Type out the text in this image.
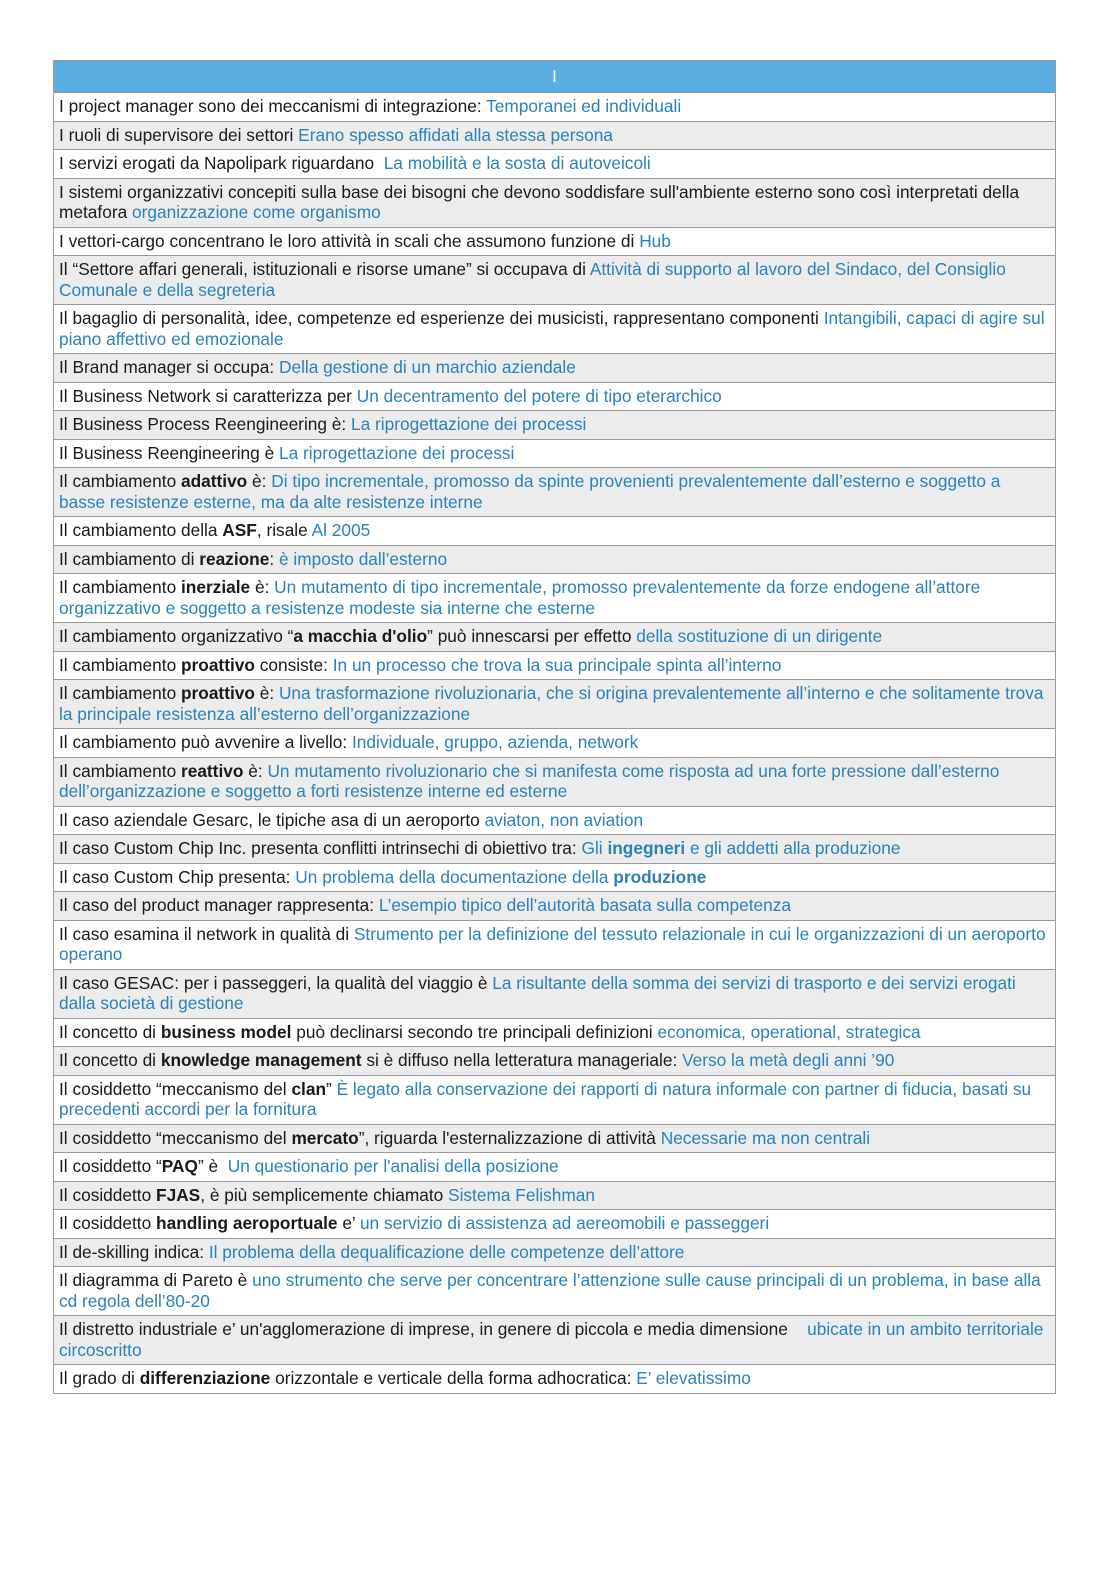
I
I project manager sono dei meccanismi di integrazione: Temporanei ed individuali
I ruoli di supervisore dei settori Erano spesso affidati alla stessa persona
I servizi erogati da Napolipark riguardano  La mobilità e la sosta di autoveicoli
I sistemi organizzativi concepiti sulla base dei bisogni che devono soddisfare sull'ambiente esterno sono così interpretati della metafora organizzazione come organismo
I vettori-cargo concentrano le loro attività in scali che assumono funzione di Hub
Il “Settore affari generali, istituzionali e risorse umane” si occupava di Attività di supporto al lavoro del Sindaco, del Consiglio Comunale e della segreteria
Il bagaglio di personalità, idee, competenze ed esperienze dei musicisti, rappresentano componenti Intangibili, capaci di agire sul piano affettivo ed emozionale
Il Brand manager si occupa: Della gestione di un marchio aziendale
Il Business Network si caratterizza per Un decentramento del potere di tipo eterarchico
Il Business Process Reengineering è: La riprogettazione dei processi
Il Business Reengineering è La riprogettazione dei processi
Il cambiamento adattivo è: Di tipo incrementale, promosso da spinte provenienti prevalentemente dall’esterno e soggetto a basse resistenze esterne, ma da alte resistenze interne
Il cambiamento della ASF, risale Al 2005
Il cambiamento di reazione: è imposto dall’esterno
Il cambiamento inerziale è: Un mutamento di tipo incrementale, promosso prevalentemente da forze endogene all’attore organizzativo e soggetto a resistenze modeste sia interne che esterne
Il cambiamento organizzativo “a macchia d'olio” può innescarsi per effetto della sostituzione di un dirigente
Il cambiamento proattivo consiste: In un processo che trova la sua principale spinta all’interno
Il cambiamento proattivo è: Una trasformazione rivoluzionaria, che si origina prevalentemente all’interno e che solitamente trova la principale resistenza all’esterno dell’organizzazione
Il cambiamento può avvenire a livello: Individuale, gruppo, azienda, network
Il cambiamento reattivo è: Un mutamento rivoluzionario che si manifesta come risposta ad una forte pressione dall’esterno dell’organizzazione e soggetto a forti resistenze interne ed esterne
Il caso aziendale Gesarc, le tipiche asa di un aeroporto aviaton, non aviation
Il caso Custom Chip Inc. presenta conflitti intrinsechi di obiettivo tra: Gli ingegneri e gli addetti alla produzione
Il caso Custom Chip presenta: Un problema della documentazione della produzione
Il caso del product manager rappresenta: L’esempio tipico dell’autorità basata sulla competenza
Il caso esamina il network in qualità di Strumento per la definizione del tessuto relazionale in cui le organizzazioni di un aeroporto operano
Il caso GESAC: per i passeggeri, la qualità del viaggio è La risultante della somma dei servizi di trasporto e dei servizi erogati dalla società di gestione
Il concetto di business model può declinarsi secondo tre principali definizioni economica, operational, strategica
Il concetto di knowledge management si è diffuso nella letteratura manageriale: Verso la metà degli anni ’90
Il cosiddetto “meccanismo del clan” È legato alla conservazione dei rapporti di natura informale con partner di fiducia, basati su precedenti accordi per la fornitura
Il cosiddetto “meccanismo del mercato”, riguarda l'esternalizzazione di attività Necessarie ma non centrali
Il cosiddetto “PAQ” è  Un questionario per l'analisi della posizione
Il cosiddetto FJAS, è più semplicemente chiamato Sistema Felishman
Il cosiddetto handling aeroportuale e’ un servizio di assistenza ad aereomobili e passeggeri
Il de-skilling indica: Il problema della dequalificazione delle competenze dell’attore
Il diagramma di Pareto è uno strumento che serve per concentrare l’attenzione sulle cause principali di un problema, in base alla cd regola dell’80-20
Il distretto industriale e’ un'agglomerazione di imprese, in genere di piccola e media dimensione    ubicate in un ambito territoriale circoscritto
Il grado di differenziazione orizzontale e verticale della forma adhocratica: E’ elevatissimo
